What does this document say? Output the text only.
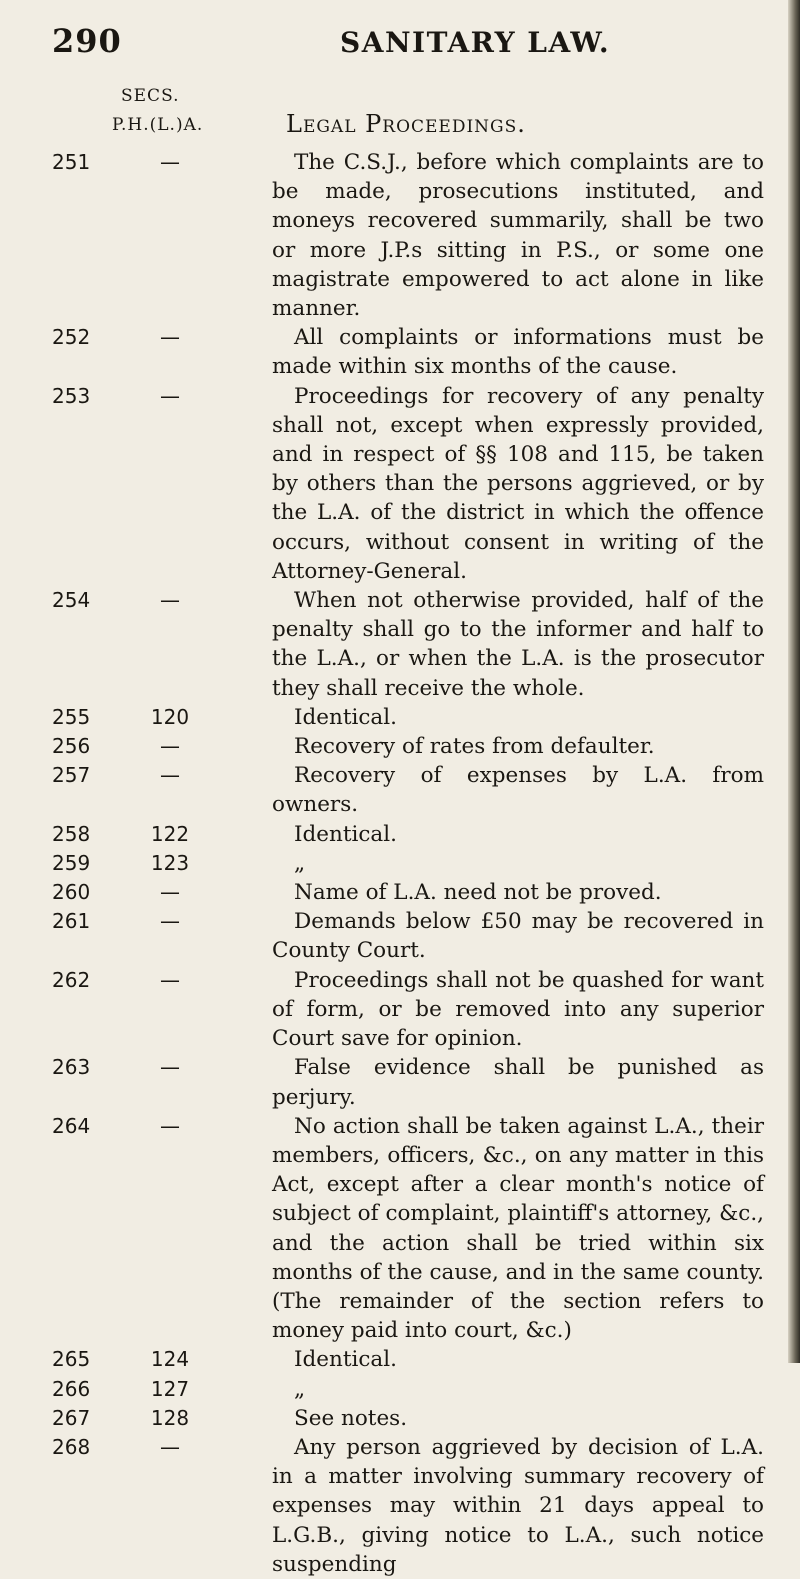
290	SANITARY LAW.
SECS.
P.H.(L.)A.	Legal Proceedings.
251	—	The C.S.J., before which complaints are to be made, prosecutions instituted, and moneys recovered summarily, shall be two or more J.P.s sitting in P.S., or some one magistrate empowered to act alone in like manner.
252	—	All complaints or informations must be made within six months of the cause.
253	—	Proceedings for recovery of any penalty shall not, except when expressly provided, and in respect of §§ 108 and 115, be taken by others than the persons aggrieved, or by the L.A. of the district in which the offence occurs, without consent in writing of the Attorney-General.
254	—	When not otherwise provided, half of the penalty shall go to the informer and half to the L.A., or when the L.A. is the prosecutor they shall receive the whole.
255	120	Identical.
256	—	Recovery of rates from defaulter.
257	—	Recovery of expenses by L.A. from owners.
258	122	Identical.
259	123	„
260	—	Name of L.A. need not be proved.
261	—	Demands below £50 may be recovered in County Court.
262	—	Proceedings shall not be quashed for want of form, or be removed into any superior Court save for opinion.
263	—	False evidence shall be punished as perjury.
264	—	No action shall be taken against L.A., their members, officers, &c., on any matter in this Act, except after a clear month's notice of subject of complaint, plaintiff's attorney, &c., and the action shall be tried within six months of the cause, and in the same county. (The remainder of the section refers to money paid into court, &c.)
265	124	Identical.
266	127	„
267	128	See notes.
268	—	Any person aggrieved by decision of L.A. in a matter involving summary recovery of expenses may within 21 days appeal to L.G.B., giving notice to L.A., such notice suspending
